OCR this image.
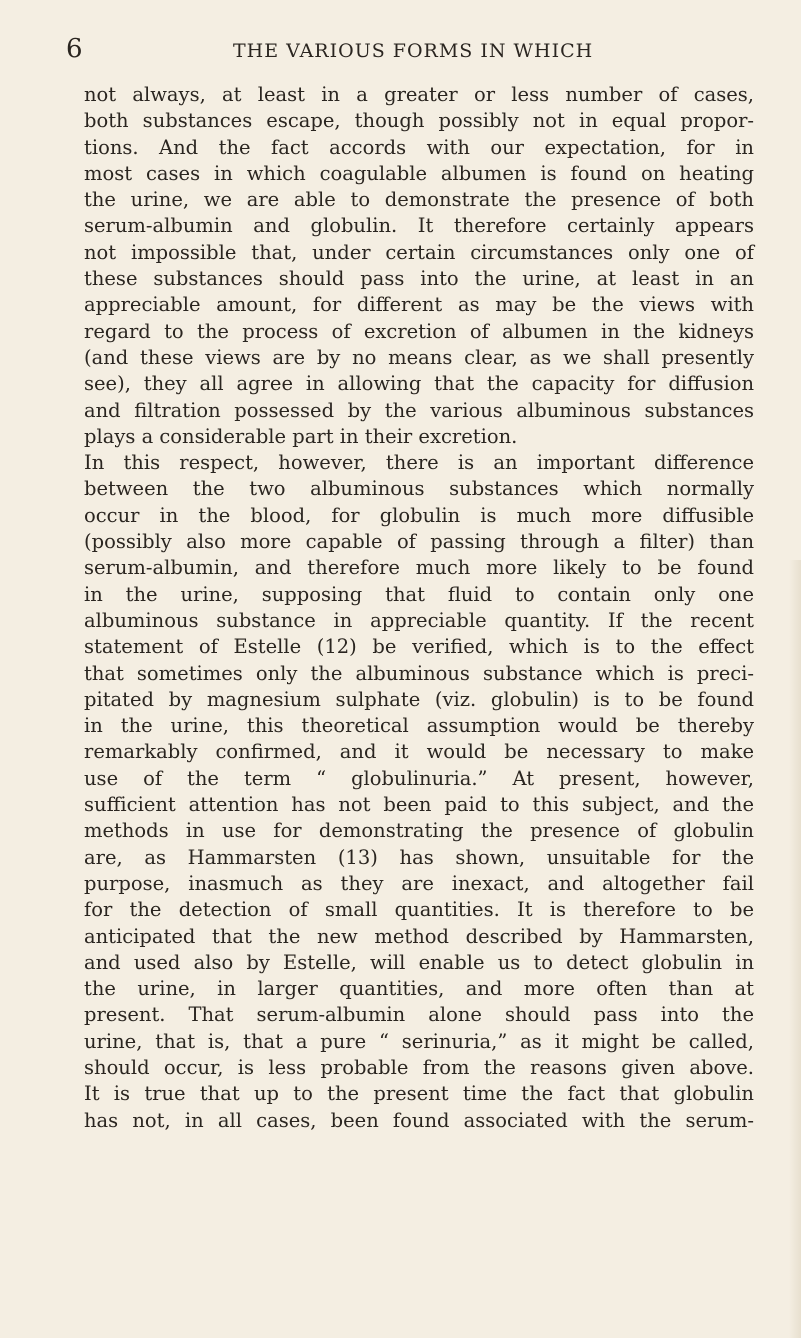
6	THE VARIOUS FORMS IN WHICH
not always, at least in a greater or less number of cases,
both substances escape, though possibly not in equal propor-
tions. And the fact accords with our expectation, for in
most cases in which coagulable albumen is found on heating
the urine, we are able to demonstrate the presence of both
serum-albumin and globulin. It therefore certainly appears
not impossible that, under certain circumstances only one of
these substances should pass into the urine, at least in an
appreciable amount, for different as may be the views with
regard to the process of excretion of albumen in the kidneys
(and these views are by no means clear, as we shall presently
see), they all agree in allowing that the capacity for diffusion
and filtration possessed by the various albuminous substances
plays a considerable part in their excretion.
In this respect, however, there is an important difference
between the two albuminous substances which normally
occur in the blood, for globulin is much more diffusible
(possibly also more capable of passing through a filter) than
serum-albumin, and therefore much more likely to be found
in the urine, supposing that fluid to contain only one
albuminous substance in appreciable quantity. If the recent
statement of Estelle (12) be verified, which is to the effect
that sometimes only the albuminous substance which is preci-
pitated by magnesium sulphate (viz. globulin) is to be found
in the urine, this theoretical assumption would be thereby
remarkably confirmed, and it would be necessary to make
use of the term “ globulinuria.” At present, however,
sufficient attention has not been paid to this subject, and the
methods in use for demonstrating the presence of globulin
are, as Hammarsten (13) has shown, unsuitable for the
purpose, inasmuch as they are inexact, and altogether fail
for the detection of small quantities. It is therefore to be
anticipated that the new method described by Hammarsten,
and used also by Estelle, will enable us to detect globulin in
the urine, in larger quantities, and more often than at
present. That serum-albumin alone should pass into the
urine, that is, that a pure “ serinuria,” as it might be called,
should occur, is less probable from the reasons given above.
It is true that up to the present time the fact that globulin
has not, in all cases, been found associated with the serum-
